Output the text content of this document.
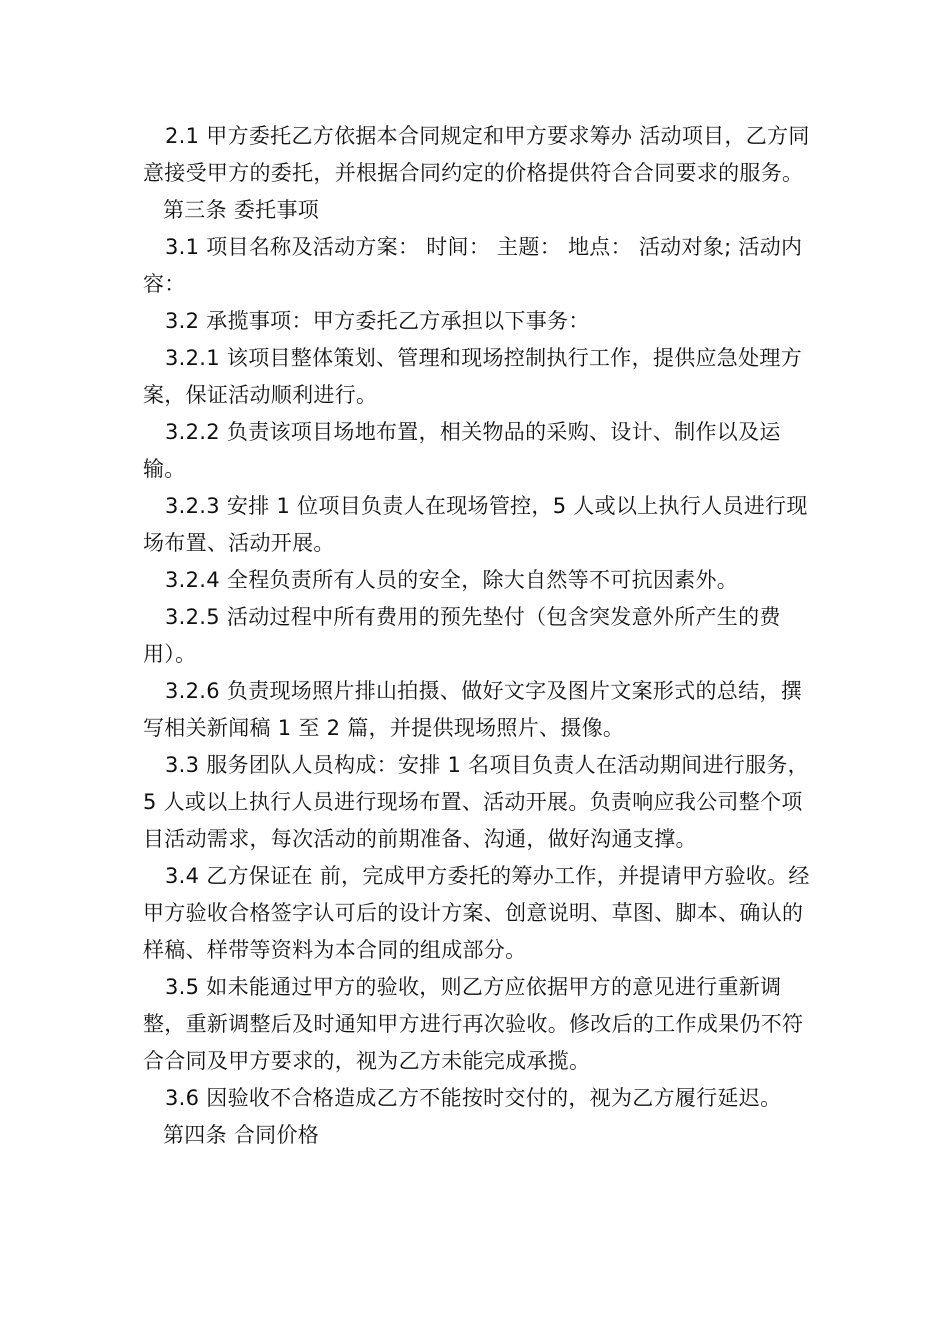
2.1 甲方委托乙方依据本合同规定和甲方要求筹办 活动项目，乙方同意接受甲方的委托，并根据合同约定的价格提供符合合同要求的服务。

第三条 委托事项

3.1 项目名称及活动方案： 时间： 主题： 地点： 活动对象; 活动内容：

3.2 承揽事项：甲方委托乙方承担以下事务：

3.2.1 该项目整体策划、管理和现场控制执行工作，提供应急处理方案，保证活动顺利进行。

3.2.2 负责该项目场地布置，相关物品的采购、设计、制作以及运输。

3.2.3 安排 1 位项目负责人在现场管控，5 人或以上执行人员进行现场布置、活动开展。

3.2.4 全程负责所有人员的安全，除大自然等不可抗因素外。

3.2.5 活动过程中所有费用的预先垫付（包含突发意外所产生的费用）。

3.2.6 负责现场照片排山拍摄、做好文字及图片文案形式的总结，撰写相关新闻稿 1 至 2 篇，并提供现场照片、摄像。

3.3 服务团队人员构成：安排 1 名项目负责人在活动期间进行服务，5 人或以上执行人员进行现场布置、活动开展。负责响应我公司整个项目活动需求，每次活动的前期准备、沟通，做好沟通支撑。

3.4 乙方保证在 前，完成甲方委托的筹办工作，并提请甲方验收。经甲方验收合格签字认可后的设计方案、创意说明、草图、脚本、确认的样稿、样带等资料为本合同的组成部分。

3.5 如未能通过甲方的验收，则乙方应依据甲方的意见进行重新调整，重新调整后及时通知甲方进行再次验收。修改后的工作成果仍不符合合同及甲方要求的，视为乙方未能完成承揽。

3.6 因验收不合格造成乙方不能按时交付的，视为乙方履行延迟。

第四条 合同价格
